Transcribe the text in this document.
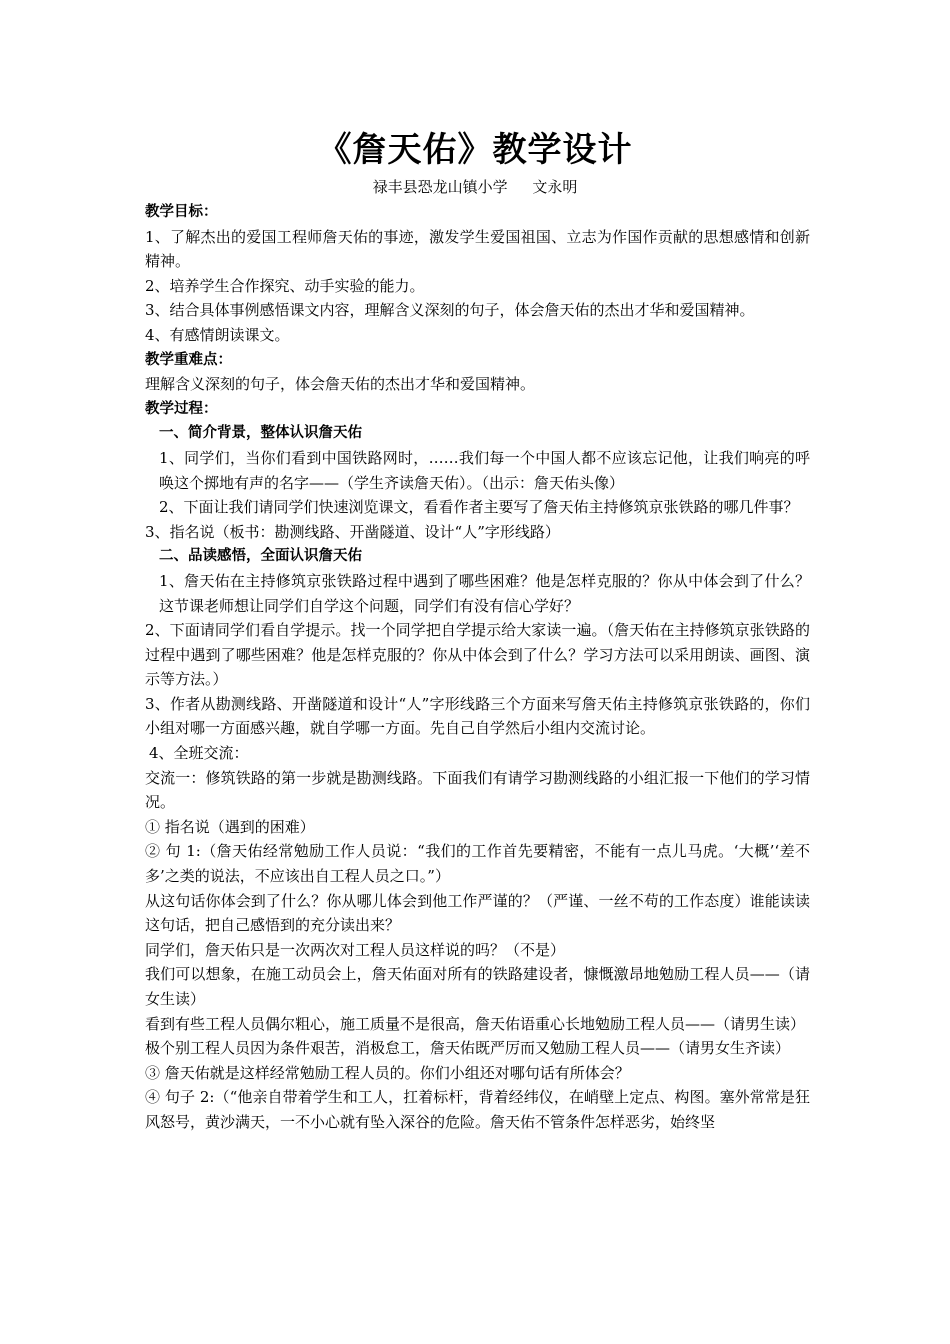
《詹天佑》教学设计
禄丰县恐龙山镇小学 文永明

教学目标：

1、了解杰出的爱国工程师詹天佑的事迹，激发学生爱国祖国、立志为作国作贡献的思想感情和创新精神。

2、培养学生合作探究、动手实验的能力。

3、结合具体事例感悟课文内容，理解含义深刻的句子，体会詹天佑的杰出才华和爱国精神。

4、有感情朗读课文。

教学重难点：

理解含义深刻的句子，体会詹天佑的杰出才华和爱国精神。

教学过程：

一、简介背景，整体认识詹天佑

1、同学们，当你们看到中国铁路网时，……我们每一个中国人都不应该忘记他，让我们响亮的呼唤这个掷地有声的名字——（学生齐读詹天佑）。（出示：詹天佑头像）

2、下面让我们请同学们快速浏览课文，看看作者主要写了詹天佑主持修筑京张铁路的哪几件事？

3、指名说（板书：勘测线路、开凿隧道、设计“人”字形线路）

二、品读感悟，全面认识詹天佑

1、詹天佑在主持修筑京张铁路过程中遇到了哪些困难？他是怎样克服的？你从中体会到了什么？这节课老师想让同学们自学这个问题，同学们有没有信心学好？

2、下面请同学们看自学提示。找一个同学把自学提示给大家读一遍。（詹天佑在主持修筑京张铁路的过程中遇到了哪些困难？他是怎样克服的？你从中体会到了什么？学习方法可以采用朗读、画图、演示等方法。）

3、作者从勘测线路、开凿隧道和设计“人”字形线路三个方面来写詹天佑主持修筑京张铁路的，你们小组对哪一方面感兴趣，就自学哪一方面。先自己自学然后小组内交流讨论。

4、全班交流：

交流一：修筑铁路的第一步就是勘测线路。下面我们有请学习勘测线路的小组汇报一下他们的学习情况。

① 指名说（遇到的困难）

② 句 1:（詹天佑经常勉励工作人员说：“我们的工作首先要精密，不能有一点儿马虎。‘大概’‘差不多’之类的说法，不应该出自工程人员之口。”）

从这句话你体会到了什么？你从哪儿体会到他工作严谨的？（严谨、一丝不苟的工作态度）谁能读读这句话，把自己感悟到的充分读出来？

同学们，詹天佑只是一次两次对工程人员这样说的吗？（不是）

我们可以想象，在施工动员会上，詹天佑面对所有的铁路建设者，慷慨激昂地勉励工程人员——（请女生读）

看到有些工程人员偶尔粗心，施工质量不是很高，詹天佑语重心长地勉励工程人员——（请男生读）

极个别工程人员因为条件艰苦，消极怠工，詹天佑既严厉而又勉励工程人员——（请男女生齐读）

③ 詹天佑就是这样经常勉励工程人员的。你们小组还对哪句话有所体会？

④ 句子 2:（“他亲自带着学生和工人，扛着标杆，背着经纬仪，在峭壁上定点、构图。塞外常常是狂风怒号，黄沙满天，一不小心就有坠入深谷的危险。詹天佑不管条件怎样恶劣，始终坚
